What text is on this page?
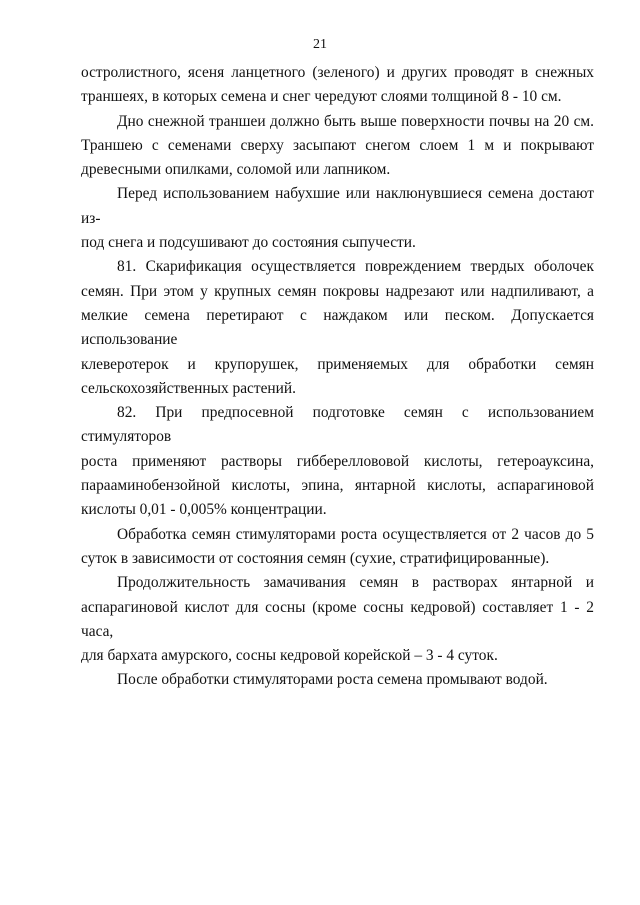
21

остролистного, ясеня ланцетного (зеленого) и других проводят в снежных

траншеях, в которых семена и снег чередуют слоями толщиной 8 - 10 см.

Дно снежной траншеи должно быть выше поверхности почвы на 20 см.

Траншею с семенами сверху засыпают снегом слоем 1 м и покрывают

древесными опилками, соломой или лапником.

Перед использованием набухшие или наклюнувшиеся семена достают из-

под снега и подсушивают до состояния сыпучести.

81. Скарификация осуществляется повреждением твердых оболочек

семян. При этом у крупных семян покровы надрезают или надпиливают, а

мелкие семена перетирают с наждаком или песком. Допускается использование

клеверотерок и крупорушек, применяемых для обработки семян

сельскохозяйственных растений.

82. При предпосевной подготовке семян с использованием стимуляторов

роста применяют растворы гиббереллововой кислоты, гетероауксина,

парааминобензойной кислоты, эпина, янтарной кислоты, аспарагиновой

кислоты 0,01 - 0,005% концентрации.

Обработка семян стимуляторами роста осуществляется от 2 часов до 5

суток в зависимости от состояния семян (сухие, стратифицированные).

Продолжительность замачивания семян в растворах янтарной и

аспарагиновой кислот для сосны (кроме сосны кедровой) составляет 1 - 2 часа,

для бархата амурского, сосны кедровой корейской – 3 - 4 суток.

После обработки стимуляторами роста семена промывают водой.
